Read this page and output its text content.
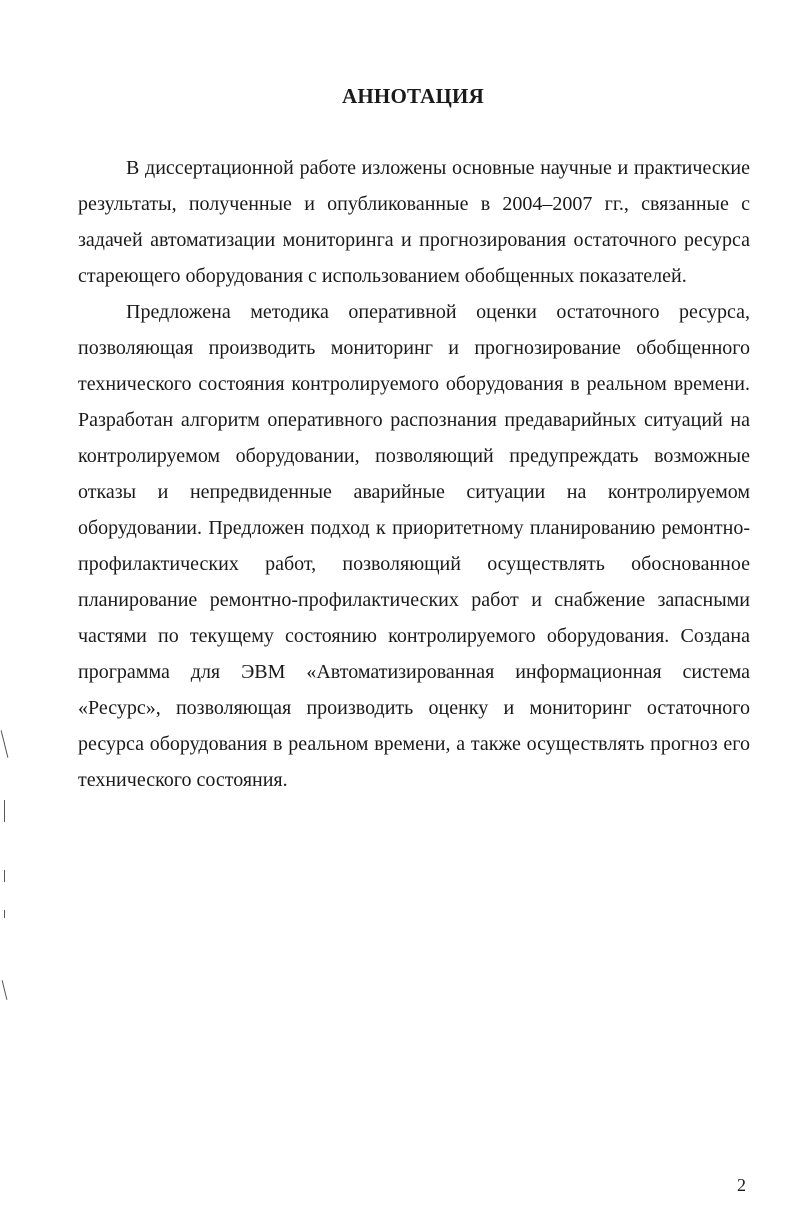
АННОТАЦИЯ

В диссертационной работе изложены основные научные и практические результаты, полученные и опубликованные в 2004–2007 гг., связанные с задачей автоматизации мониторинга и прогнозирования остаточного ресурса стареющего оборудования с использованием обобщенных показателей.

Предложена методика оперативной оценки остаточного ресурса, позволяющая производить мониторинг и прогнозирование обобщенного технического состояния контролируемого оборудования в реальном времени. Разработан алгоритм оперативного распознания предаварийных ситуаций на контролируемом оборудовании, позволяющий предупреждать возможные отказы и непредвиденные аварийные ситуации на контролируемом оборудовании. Предложен подход к приоритетному планированию ремонтно-профилактических работ, позволяющий осуществлять обоснованное планирование ремонтно-профилактических работ и снабжение запасными частями по текущему состоянию контролируемого оборудования. Создана программа для ЭВМ «Автоматизированная информационная система «Ресурс», позволяющая производить оценку и мониторинг остаточного ресурса оборудования в реальном времени, а также осуществлять прогноз его технического состояния.

2
